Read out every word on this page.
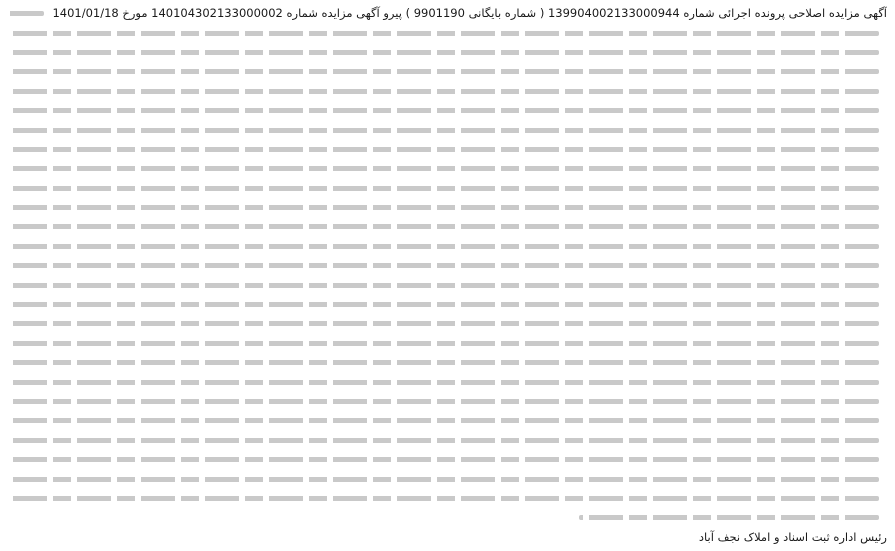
آگهی مزایده اصلاحی پرونده اجرائی شماره 139904002133000944 ( شماره بایگانی 9901190 ) پیرو آگهی مزایده شماره 140104302133000002 مورخ 1401/01/18
رئیس اداره ثبت اسناد و املاک نجف آباد
